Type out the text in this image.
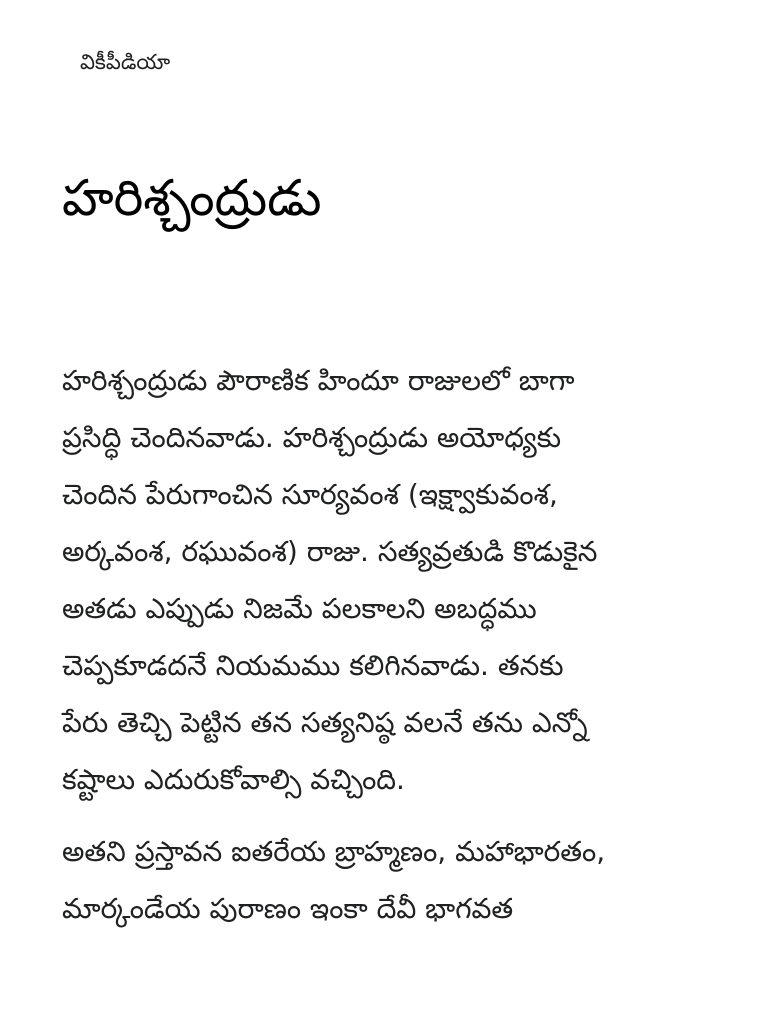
వికీపీడియా
హరిశ్చంద్రుడు

హరిశ్చంద్రుడు పౌరాణిక హిందూ రాజులలో బాగా
ప్రసిద్ధి చెందినవాడు. హరిశ్చంద్రుడు అయోధ్యకు
చెందిన పేరుగాంచిన సూర్యవంశ (ఇక్ష్వాకువంశ,
అర్కవంశ, రఘువంశ) రాజు. సత్యవ్రతుడి కొడుకైన
అతడు ఎప్పుడు నిజమే పలకాలని అబద్ధము
చెప్పకూడదనే నియమము కలిగినవాడు. తనకు
పేరు తెచ్చి పెట్టిన తన సత్యనిష్ఠ వలనే తను ఎన్నో
కష్టాలు ఎదురుకోవాల్సి వచ్చింది.

అతని ప్రస్తావన ఐతరేయ బ్రాహ్మణం, మహాభారతం,
మార్కండేయ పురాణం ఇంకా దేవీ భాగవత
